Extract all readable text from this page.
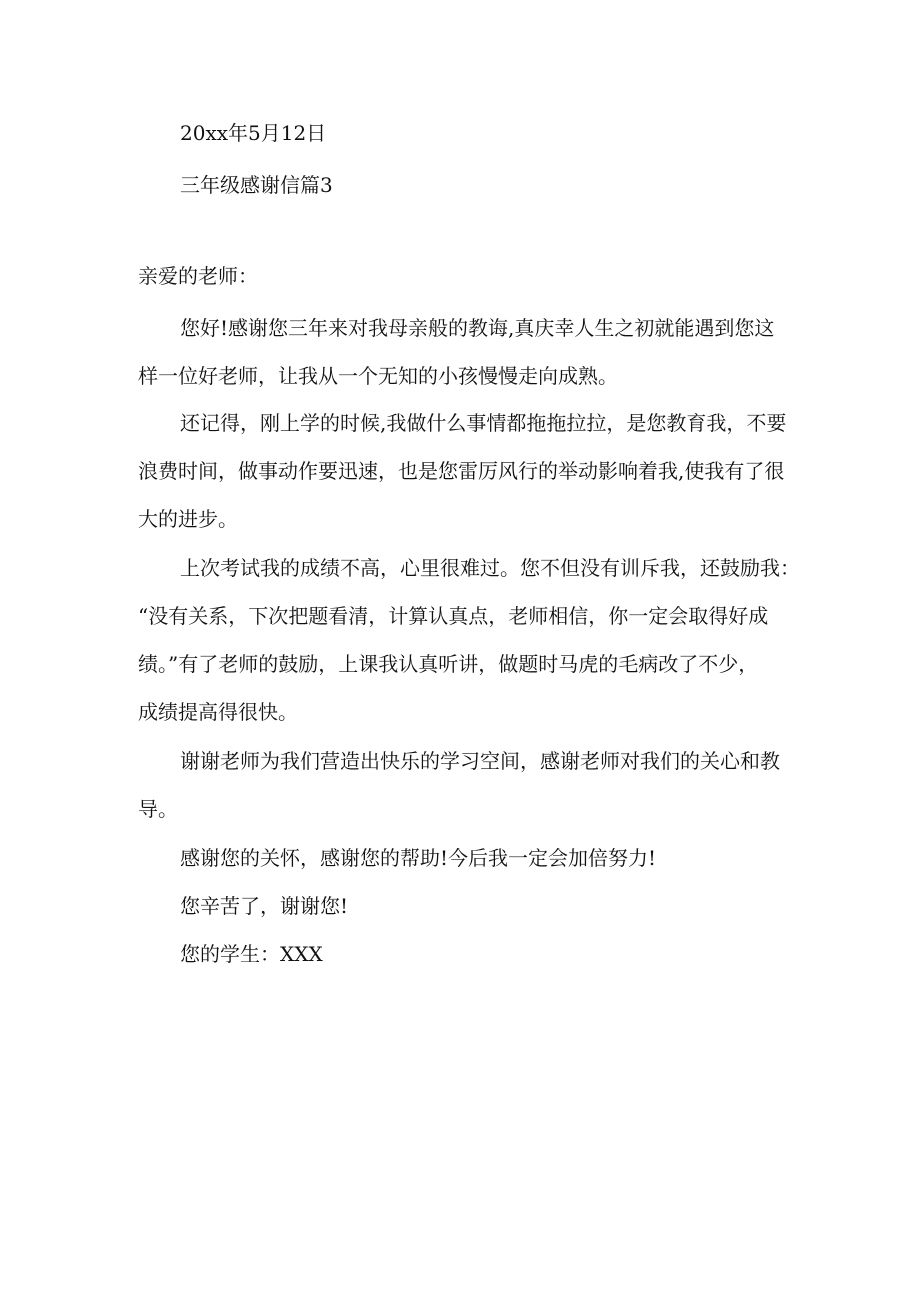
20xx年5月12日
三年级感谢信篇3
亲爱的老师：
您好!感谢您三年来对我母亲般的教诲,真庆幸人生之初就能遇到您这
样一位好老师，让我从一个无知的小孩慢慢走向成熟。
还记得，刚上学的时候,我做什么事情都拖拖拉拉，是您教育我，不要
浪费时间，做事动作要迅速，也是您雷厉风行的举动影响着我,使我有了很
大的进步。
上次考试我的成绩不高，心里很难过。您不但没有训斥我，还鼓励我：
“没有关系，下次把题看清，计算认真点，老师相信，你一定会取得好成
绩。”有了老师的鼓励，上课我认真听讲，做题时马虎的毛病改了不少，
成绩提高得很快。
谢谢老师为我们营造出快乐的学习空间，感谢老师对我们的关心和教
导。
感谢您的关怀，感谢您的帮助!今后我一定会加倍努力!
您辛苦了，谢谢您!
您的学生：XXX
